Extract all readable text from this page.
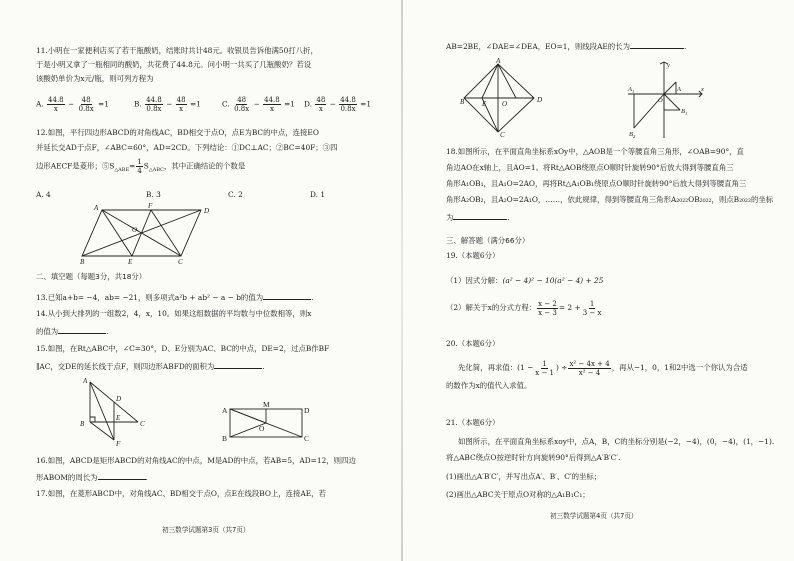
11.小明在一家便利店买了若干瓶酸奶，结账时共计48元。收银员告诉他满50打八折，
于是小明又拿了一瓶相同的酸奶，共花费了44.8元。问小明一共买了几瓶酸奶？若设
该酸奶单价为x元/瓶，则可列方程为
A. $\frac{44.8}{x} - \frac{48}{0.8x} =1$	B. $\frac{44.8}{0.8x} - \frac{48}{x} =1$	C. $\frac{48}{0.8x} - \frac{44.8}{x} =1$ D. $\frac{48}{x} - \frac{44.8}{0.8x} =1$
12.如图，平行四边形ABCD的对角线AC，BD相交于点O，点E为BC的中点，连接EO
并延长交AD于点F，∠ABC=60°，AD=2CD。下列结论：①DC⊥AC；②BC=40F；③四
边形AECF是菱形；$⑤S_{\triangle ABE}= \frac{1}{4} S_{\triangle ABC}$，其中正确结论的个数是
A. 4	B. 3	C. 2	D. 1
A	D
B	C
F
E
O
二、填空题（每题3分，共18分）
13.已知a+b= −4，ab= −21，则多项式a²b + ab² − a − b的值为	.
14.从小到大排列的一组数2，4，x，10。如果这组数据的平均数与中位数相等，则x
的值为	.
15.如图，在Rt△ABC中，∠C=30°，D、E分别为AC、BC的中点，DE=2，过点B作BF
∥AC，交DE的延长线于点F，则四边形ABFD的面积为	.
A
B	C
D
E
F
A
B
D
C
M
O
16.如图，ABCD是矩形ABCD的对角线AC的中点，M是AD的中点，若AB=5，AD=12，则四边
形ABOM的周长为	.
17.如图，在菱形ABCD中，对角线AC、BD相交于点O，点E在线段BO上，连接AE，若
初三数学试题第3页（共7页）
AB=2BE，∠DAE=∠DEA，EO=1，则线段AE的长为	.
A
B	D
C
E O
y
x
O
A
$A_1$
$B_1$
$B_2$
18.如图所示，在平面直角坐标系xOy中，△AOB是一个等腰直角三角形，∠OAB=90°，直
角边AO在x轴上，且AO=1。将Rt△AOB绕原点O顺时针旋转90°后放大得到等腰直角三
角形A₁OB₁，且A₁O=2AO，再将Rt△A₁OB₁绕原点O顺时针旋转90°后放大得到等腰直角三
角形A₂OB₂，且A₂O=2A₁O，……，依此规律，得到等腰直角三角形A₂₀₂₂OB₂₀₂₂，则点B₂₀₂₂的坐标
为	.
三、解答题（满分66分）
19.（本题6分）
（1）因式分解：(a² − 4)² − 10(a² − 4) + 25
（2）解关于x的分式方程： $\frac{x - 2}{x - 3} = 2 + \frac{1}{3 - x}$
20.（本题6分）
先化简，再求值：($1 - \frac{1}{x - 1}$ ) ÷ $\frac{\text{x² − 4x + 4}}{\text{x² − 4}}$ ，再从−1，0，1和2中选一个你认为合适
的数作为x的值代入求值。
21.（本题6分）
如图所示，在平面直角坐标系xoy中，点A，B，C的坐标分别是(−2，−4)，(0，−4)，(1，−1).
将△ABC绕点O按逆时针方向旋转90°后得到△A′B′C′.
(1)画出△A′B′C′，并写出点A′、B′、C′的坐标；
(2)画出△ABC关于原点O对称的△A₁B₁C₁；
初三数学试题第4页（共7页）
